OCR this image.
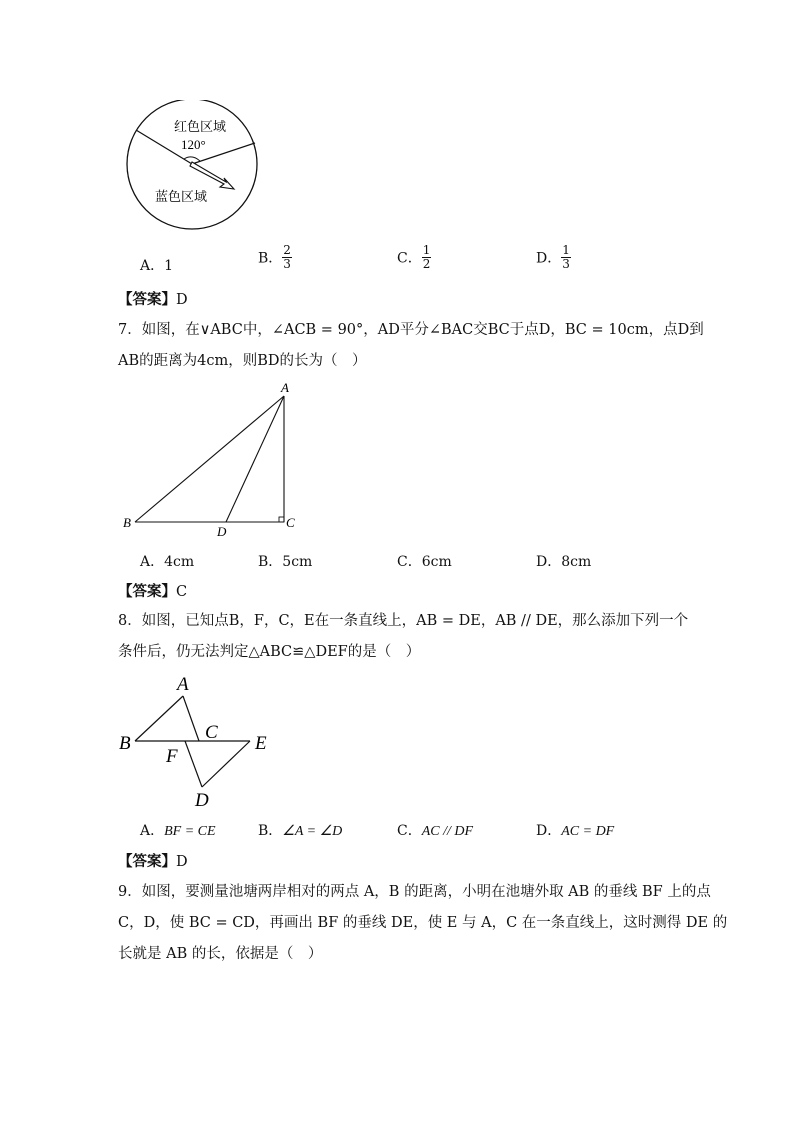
红色区域
120°
蓝色区域
A．1	B． $\frac{2}{3}$	C． $\frac{1}{2}$	D． $\frac{1}{3}$
【答案】D
7．如图，在∨ABC中，∠ACB = 90°，AD平分∠BAC交BC于点D，BC = 10cm，点D到
AB的距离为4cm，则BD的长为（　）
A
B	C
D
A．4cm	B．5cm	C．6cm	D．8cm
【答案】C
8．如图，已知点B，F，C，E在一条直线上，AB = DE，AB // DE，那么添加下列一个
条件后，仍无法判定△ABC≌△DEF的是（　）
A
B
C
E
F
D
A．BF = CE	B．∠A = ∠D	C．AC // DF	D．AC = DF
【答案】D
9．如图，要测量池塘两岸相对的两点 A，B 的距离，小明在池塘外取 AB 的垂线 BF 上的点
C，D，使 BC = CD，再画出 BF 的垂线 DE，使 E 与 A，C 在一条直线上，这时测得 DE 的
长就是 AB 的长，依据是（　）
